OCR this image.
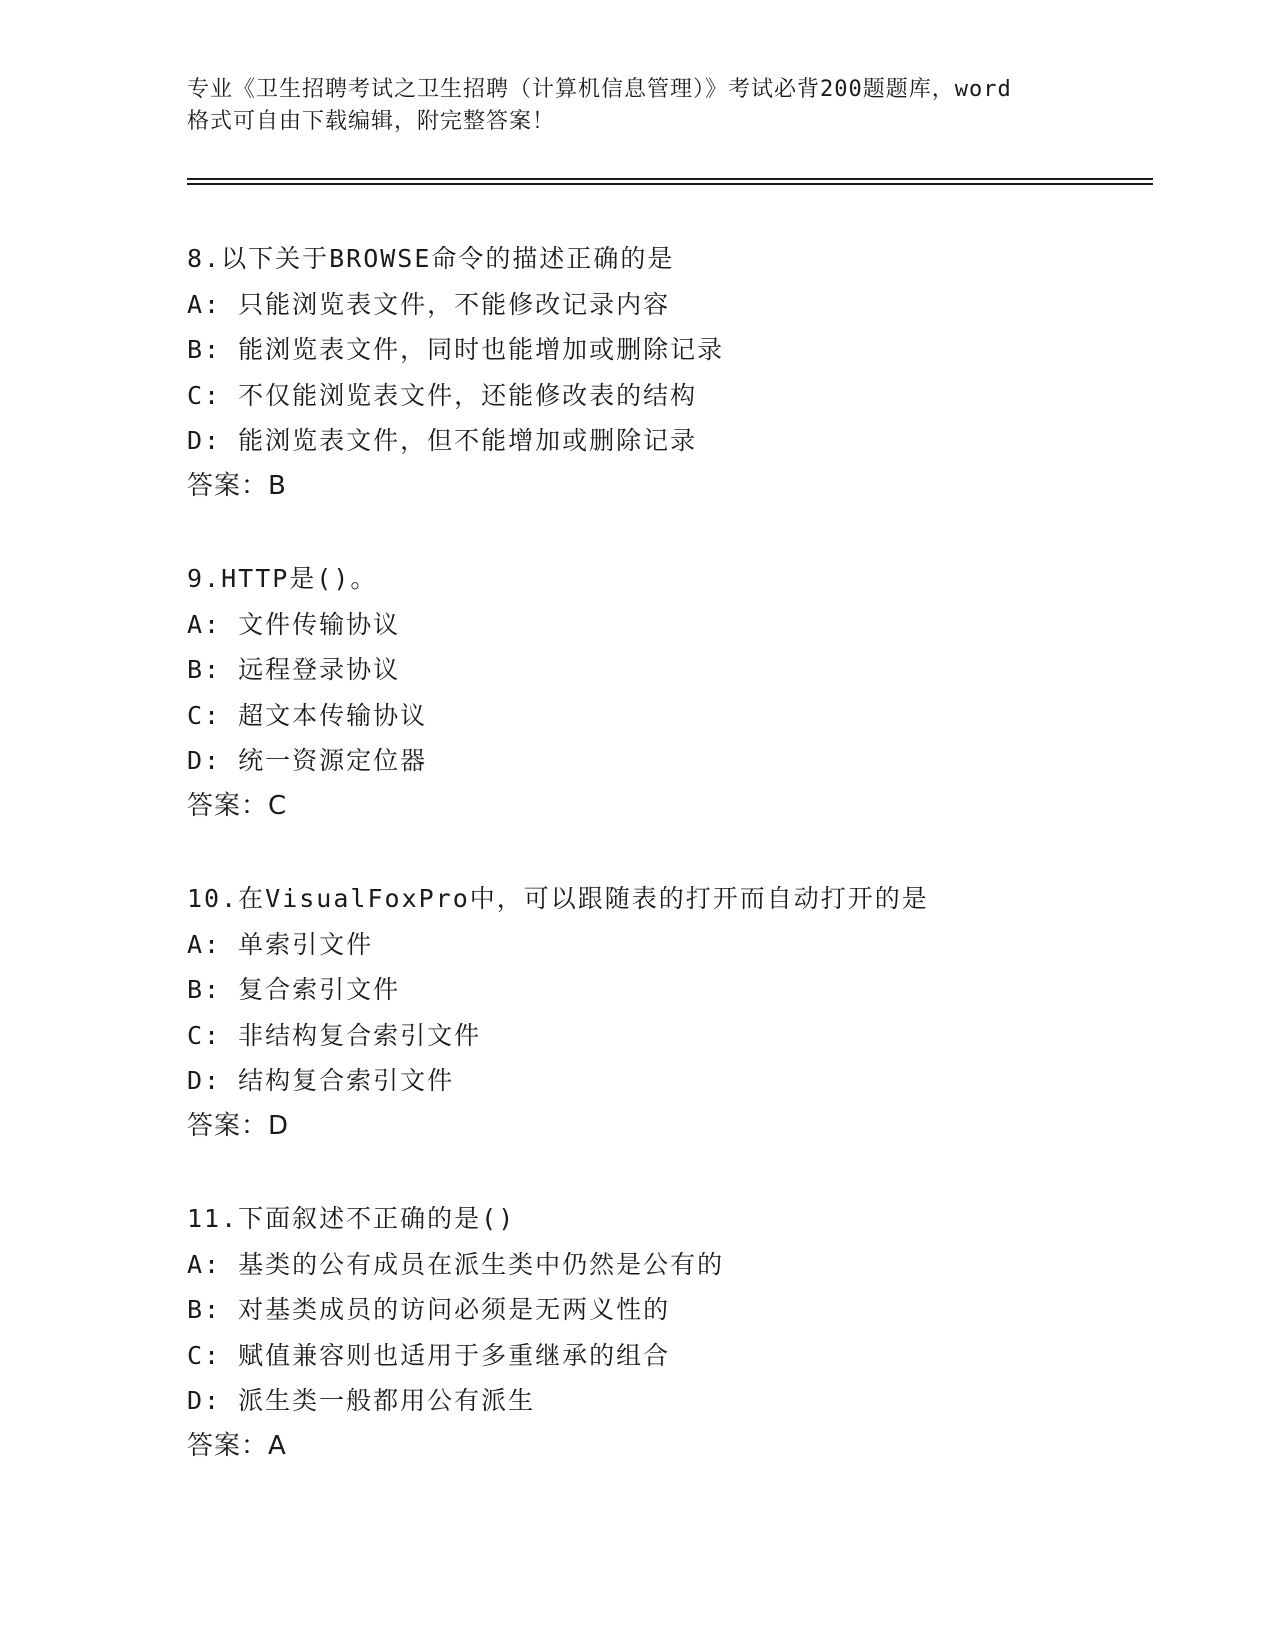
专业《卫生招聘考试之卫生招聘（计算机信息管理）》考试必背200题题库，word
格式可自由下载编辑，附完整答案！
8.以下关于BROWSE命令的描述正确的是
A: 只能浏览表文件，不能修改记录内容
B: 能浏览表文件，同时也能增加或删除记录
C: 不仅能浏览表文件，还能修改表的结构
D: 能浏览表文件，但不能增加或删除记录
答案：B
9.HTTP是()。
A: 文件传输协议
B: 远程登录协议
C: 超文本传输协议
D: 统一资源定位器
答案：C
10.在VisualFoxPro中，可以跟随表的打开而自动打开的是
A: 单索引文件
B: 复合索引文件
C: 非结构复合索引文件
D: 结构复合索引文件
答案：D
11.下面叙述不正确的是()
A: 基类的公有成员在派生类中仍然是公有的
B: 对基类成员的访问必须是无两义性的
C: 赋值兼容则也适用于多重继承的组合
D: 派生类一般都用公有派生
答案：A
